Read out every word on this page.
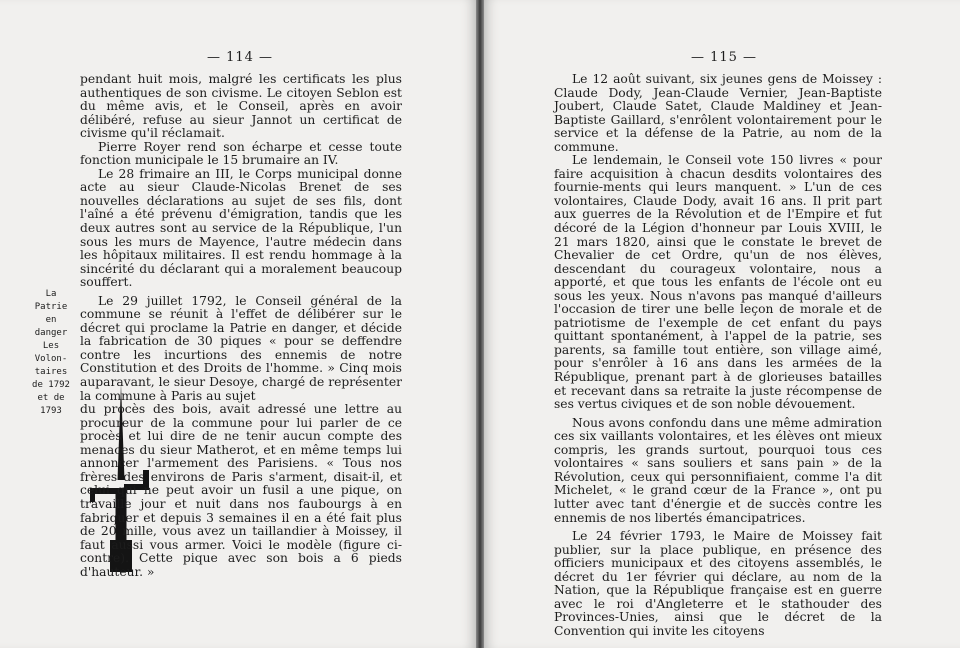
— 114 —
La Patrie
en danger
Les Volon-
taires
de 1792
et de
1793

pendant huit mois, malgré les certificats les plus authentiques de son civisme. Le citoyen Seblon est du même avis, et le Conseil, après en avoir délibéré, refuse au sieur Jannot un certificat de civisme qu'il réclamait.

Pierre Royer rend son écharpe et cesse toute fonction municipale le 15 brumaire an IV.

Le 28 frimaire an III, le Corps municipal donne acte au sieur Claude-Nicolas Brenet de ses nouvelles déclarations au sujet de ses fils, dont l'aîné a été prévenu d'émigration, tandis que les deux autres sont au service de la République, l'un sous les murs de Mayence, l'autre médecin dans les hôpitaux militaires. Il est rendu hommage à la sincérité du déclarant qui a moralement beaucoup souffert.

Le 29 juillet 1792, le Conseil général de la commune se réunit à l'effet de délibérer sur le décret qui proclame la Patrie en danger, et décide la fabrication de 30 piques « pour se deffendre contre les incurtions des ennemis de notre Constitution et des Droits de l'homme. » Cinq mois auparavant, le sieur Desoye, chargé de représenter la commune à Paris au sujet

du procès des bois, avait adressé une lettre au procureur de la commune pour lui parler de ce procès et lui dire de ne tenir aucun compte des menaces du sieur Matherot, et en même temps lui annoncer l'armement des Parisiens. « Tous nos frères des environs de Paris s'arment, disait-il, et celui qui ne peut avoir un fusil a une pique, on travaille jour et nuit dans nos faubourgs à en fabriquer et depuis 3 semaines il en a été fait plus de 20 mille, vous avez un taillandier à Moissey, il faut aussi vous armer. Voici le modèle (figure ci-contre). Cette pique avec son bois a 6 pieds d'hauteur. »

— 115 —

Le 12 août suivant, six jeunes gens de Moissey : Claude Dody, Jean-Claude Vernier, Jean-Baptiste Joubert, Claude Satet, Claude Maldiney et Jean-Baptiste Gaillard, s'enrôlent volontairement pour le service et la défense de la Patrie, au nom de la commune.

Le lendemain, le Conseil vote 150 livres « pour faire acquisition à chacun desdits volontaires des fournie-ments qui leurs manquent. » L'un de ces volontaires, Claude Dody, avait 16 ans. Il prit part aux guerres de la Révolution et de l'Empire et fut décoré de la Légion d'honneur par Louis XVIII, le 21 mars 1820, ainsi que le constate le brevet de Chevalier de cet Ordre, qu'un de nos élèves, descendant du courageux volontaire, nous a apporté, et que tous les enfants de l'école ont eu sous les yeux. Nous n'avons pas manqué d'ailleurs l'occasion de tirer une belle leçon de morale et de patriotisme de l'exemple de cet enfant du pays quittant spontanément, à l'appel de la patrie, ses parents, sa famille tout entière, son village aimé, pour s'enrôler à 16 ans dans les armées de la République, prenant part à de glorieuses batailles et recevant dans sa retraite la juste récompense de ses vertus civiques et de son noble dévouement.

Nous avons confondu dans une même admiration ces six vaillants volontaires, et les élèves ont mieux compris, les grands surtout, pourquoi tous ces volontaires « sans souliers et sans pain » de la Révolution, ceux qui personnifiaient, comme l'a dit Michelet, « le grand cœur de la France », ont pu lutter avec tant d'énergie et de succès contre les ennemis de nos libertés émancipatrices.

Le 24 février 1793, le Maire de Moissey fait publier, sur la place publique, en présence des officiers municipaux et des citoyens assemblés, le décret du 1er février qui déclare, au nom de la Nation, que la République française est en guerre avec le roi d'Angleterre et le stathouder des Provinces-Unies, ainsi que le décret de la Convention qui invite les citoyens
